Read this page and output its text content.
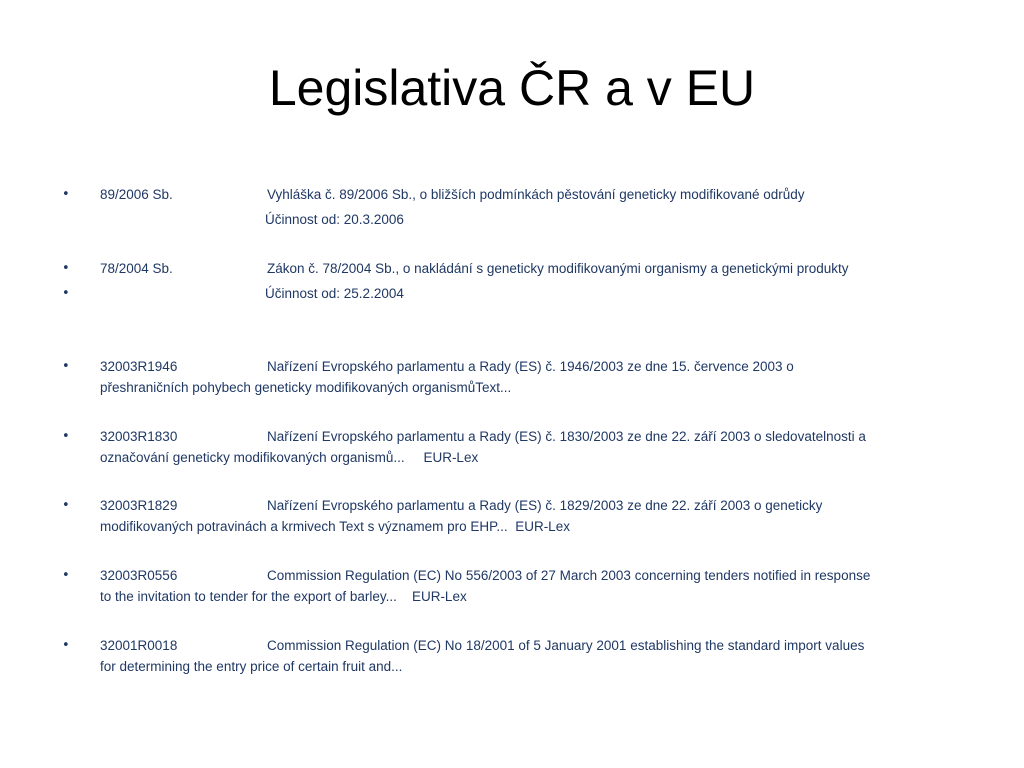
Legislativa ČR a v EU
• 89/2006 Sb.	Vyhláška č. 89/2006 Sb., o bližších podmínkách pěstování geneticky modifikované odrůdy
Účinnost od: 20.3.2006
• 78/2004 Sb.	Zákon č. 78/2004 Sb., o nakládání s geneticky modifikovanými organismy a genetickými produkty
•	Účinnost od: 25.2.2004
• 32003R1946	Nařízení Evropského parlamentu a Rady (ES) č. 1946/2003 ze dne 15. července 2003 o
přeshraničních pohybech geneticky modifikovaných organismůText...
• 32003R1830	Nařízení Evropského parlamentu a Rady (ES) č. 1830/2003 ze dne 22. září 2003 o sledovatelnosti a
označování geneticky modifikovaných organismů... EUR-Lex
• 32003R1829	Nařízení Evropského parlamentu a Rady (ES) č. 1829/2003 ze dne 22. září 2003 o geneticky
modifikovaných potravinách a krmivech Text s významem pro EHP... EUR-Lex
• 32003R0556	Commission Regulation (EC) No 556/2003 of 27 March 2003 concerning tenders notified in response
to the invitation to tender for the export of barley... EUR-Lex
• 32001R0018	Commission Regulation (EC) No 18/2001 of 5 January 2001 establishing the standard import values
for determining the entry price of certain fruit and...
